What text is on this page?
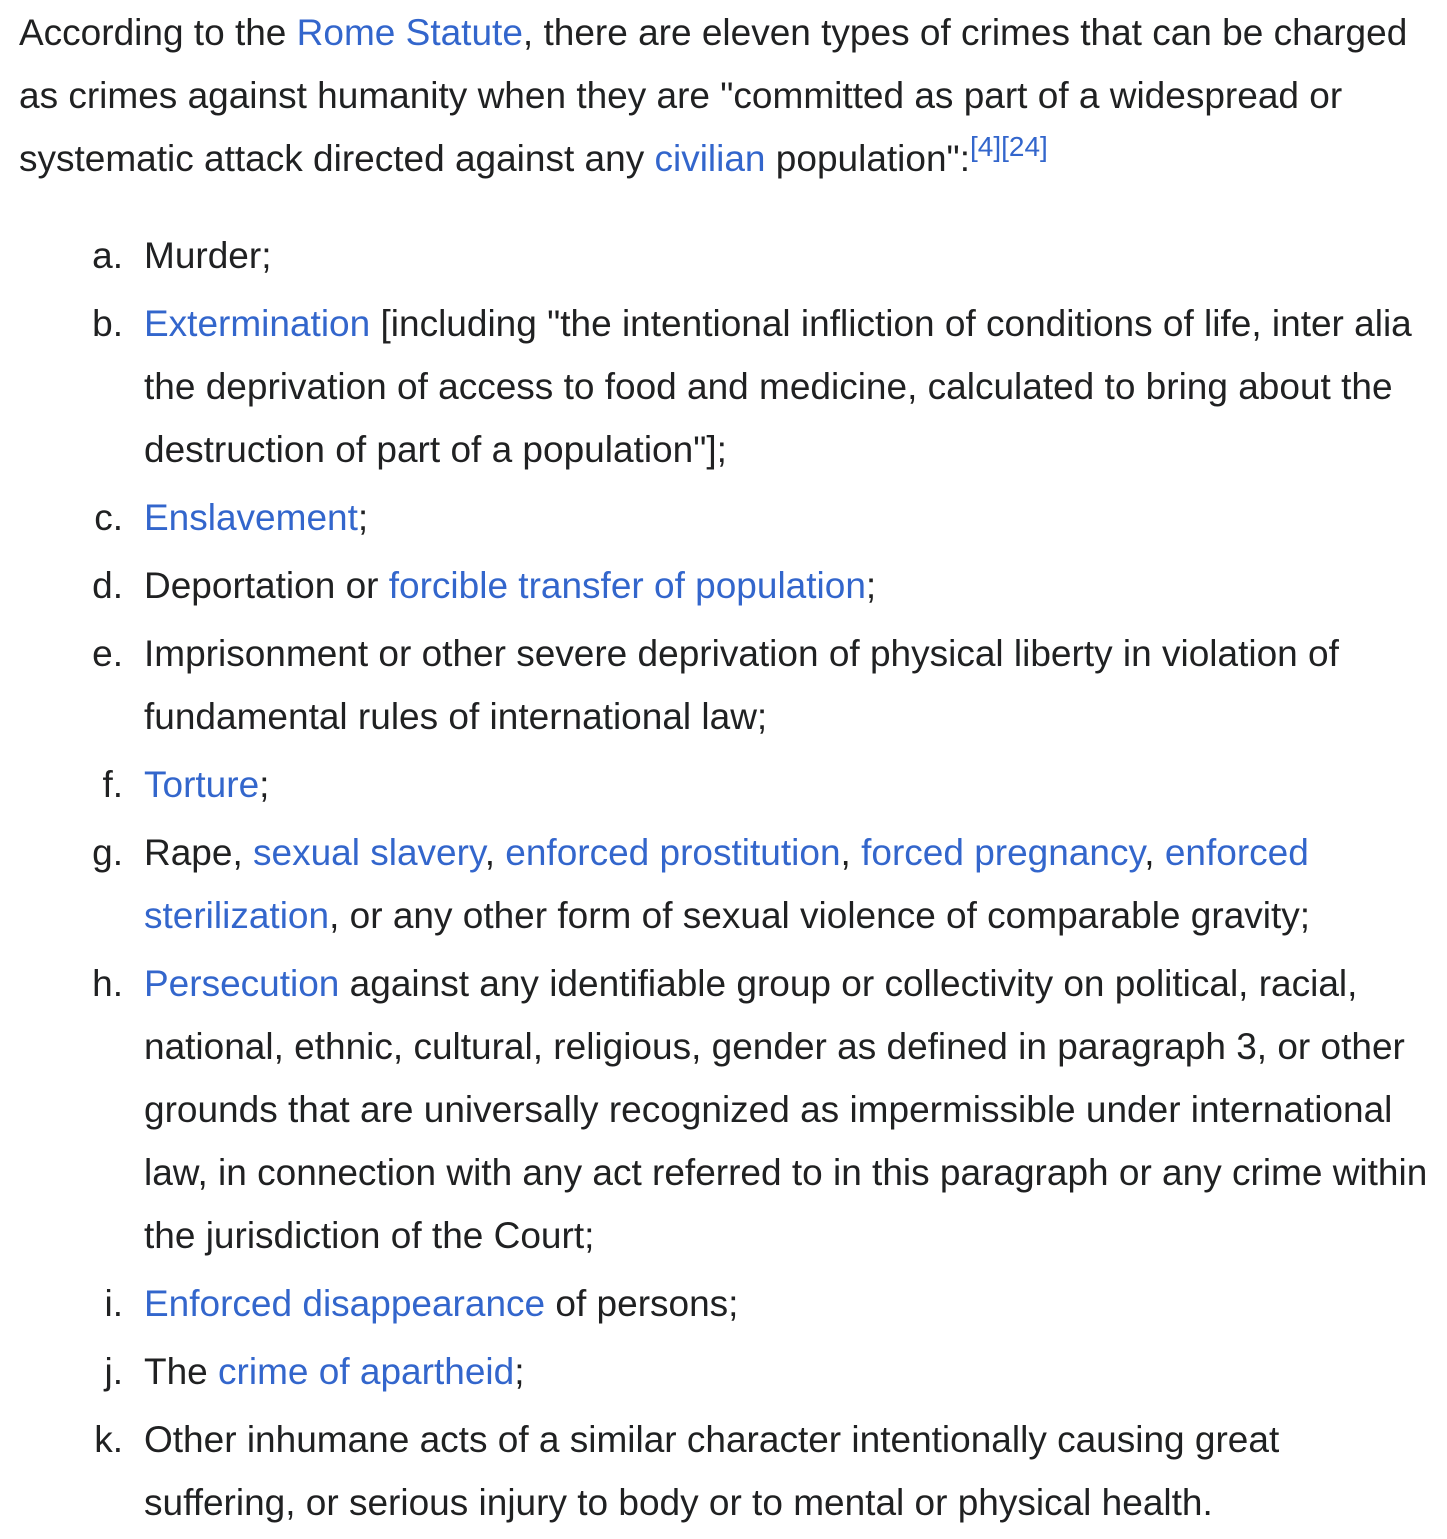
According to the Rome Statute, there are eleven types of crimes that can be charged as crimes against humanity when they are "committed as part of a widespread or systematic attack directed against any civilian population":[4][24]

a. Murder;
b. Extermination [including "the intentional infliction of conditions of life, inter alia the deprivation of access to food and medicine, calculated to bring about the destruction of part of a population"];
c. Enslavement;
d. Deportation or forcible transfer of population;
e. Imprisonment or other severe deprivation of physical liberty in violation of fundamental rules of international law;
f. Torture;
g. Rape, sexual slavery, enforced prostitution, forced pregnancy, enforced sterilization, or any other form of sexual violence of comparable gravity;
h. Persecution against any identifiable group or collectivity on political, racial, national, ethnic, cultural, religious, gender as defined in paragraph 3, or other grounds that are universally recognized as impermissible under international law, in connection with any act referred to in this paragraph or any crime within the jurisdiction of the Court;
i. Enforced disappearance of persons;
j. The crime of apartheid;
k. Other inhumane acts of a similar character intentionally causing great suffering, or serious injury to body or to mental or physical health.
